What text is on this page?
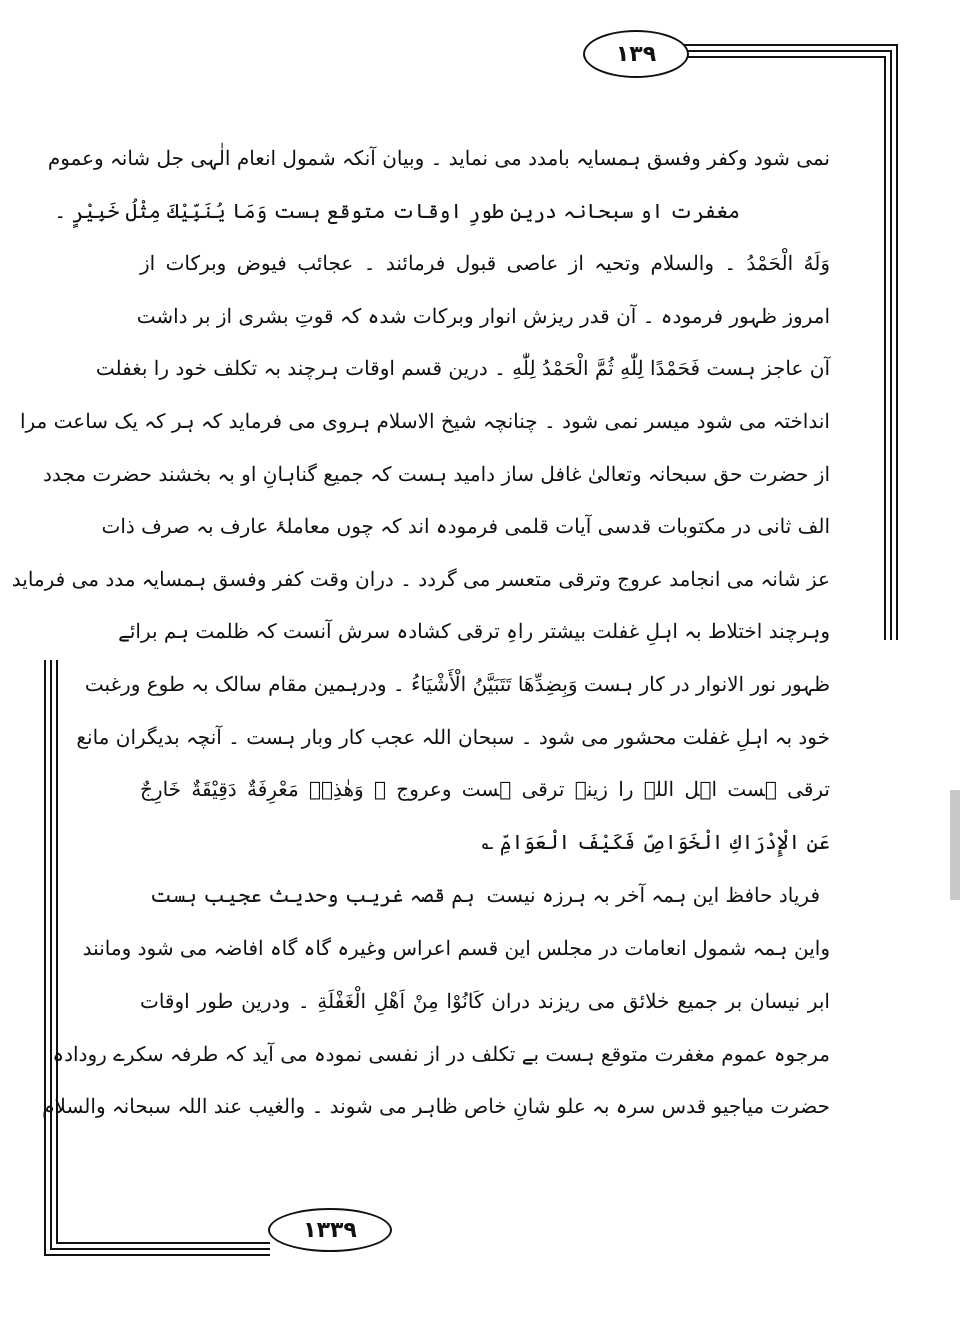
۱۳۹
نمی شود وکفر وفسق ہمسایہ بامدد می نماید ۔ وبیان آنکہ شمول انعام الٰہی جل شانہ وعموم
مغفرت او سبحانہ درین طورِ اوقات متوقع ہست وَمَا يُنَبِّيْكَ مِثْلُ خَبِيْرٍ ۔
وَلَهُ الْحَمْدُ ۔ والسلام وتحیہ از عاصی قبول فرمائند ۔ عجائب فیوض وبرکات از
امروز ظہور فرمودہ ۔ آن قدر ریزش انوار وبرکات شدہ کہ قوتِ بشری از بر داشت
آن عاجز ہست فَحَمْدًا لِلّٰهِ ثُمَّ الْحَمْدُ لِلّٰهِ ۔ درین قسم اوقات ہرچند بہ تکلف خود را بغفلت
انداختہ می شود میسر نمی شود ۔ چنانچہ شیخ الاسلام ہروی می فرماید کہ ہر کہ یک ساعت مرا
از حضرت حق سبحانہ وتعالیٰ غافل ساز دامید ہست کہ جمیع گناہانِ او بہ بخشند حضرت مجدد
الف ثانی در مکتوبات قدسی آیات قلمی فرمودہ اند کہ چوں معاملۂ عارف بہ صرف ذات
عز شانہ می انجامد عروج وترقی متعسر می گردد ۔ دران وقت کفر وفسق ہمسایہ مدد می فرماید
وہرچند اختلاط بہ اہلِ غفلت بیشتر راہِ ترقی کشادہ سرش آنست کہ ظلمت ہم برائے
ظہور نور الانوار در کار ہست وَبِضِدِّهَا تَتَبَيَّنُ الْأَشْيَاءُ ۔ ودرہمین مقام سالک بہ طوع ورغبت
خود بہ اہلِ غفلت محشور می شود ۔ سبحان اللہ عجب کار وبار ہست ۔ آنچہ بدیگران مانع
ترقی ہست اہل اللہ را زینۂ ترقی ہست وعروج ۔ وَهٰذِهٖ مَعْرِفَةٌ دَقِيْقَةٌ خَارِجٌ
عَنِ الْإِدْرَاكِ الْخَوَاصِّ فَكَيْفَ الْعَوَامِّ ؎
فریاد حافظ این ہمہ آخر بہ ہرزہ نیست
ہم قصہ غریب وحدیث عجیب ہست
واین ہمہ شمول انعامات در مجلس این قسم اعراس وغیرہ گاہ گاہ افاضہ می شود ومانند
ابر نیسان بر جمیع خلائق می ریزند دران کَانُوْا مِنْ اَهْلِ الْغَفْلَةِ ۔ ودرین طور اوقات
مرجوہ عموم مغفرت متوقع ہست بے تکلف در از نفسی نمودہ می آید کہ طرفہ سکرے رودادہ
حضرت میاجیو قدس سرہ بہ علو شانِ خاص ظاہر می شوند ۔ والغیب عند اللہ سبحانہ والسلام
۱۳۳۹
